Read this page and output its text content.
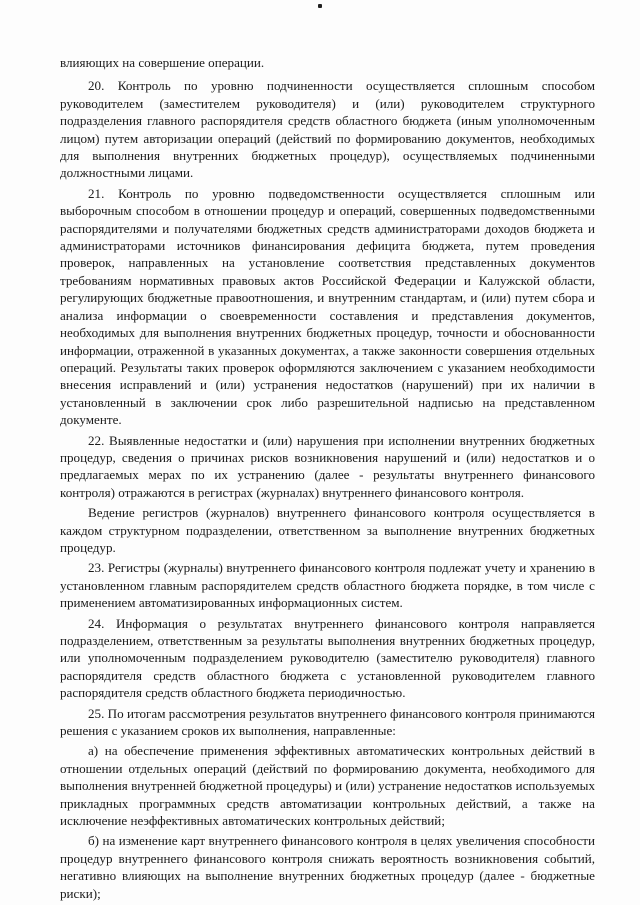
влияющих на совершение операции.

20. Контроль по уровню подчиненности осуществляется сплошным способом руководителем (заместителем руководителя) и (или) руководителем структурного подразделения главного распорядителя средств областного бюджета (иным уполномоченным лицом) путем авторизации операций (действий по формированию документов, необходимых для выполнения внутренних бюджетных процедур), осуществляемых подчиненными должностными лицами.

21. Контроль по уровню подведомственности осуществляется сплошным или выборочным способом в отношении процедур и операций, совершенных подведомственными распорядителями и получателями бюджетных средств администраторами доходов бюджета и администраторами источников финансирования дефицита бюджета, путем проведения проверок, направленных на установление соответствия представленных документов требованиям нормативных правовых актов Российской Федерации и Калужской области, регулирующих бюджетные правоотношения, и внутренним стандартам, и (или) путем сбора и анализа информации о своевременности составления и представления документов, необходимых для выполнения внутренних бюджетных процедур, точности и обоснованности информации, отраженной в указанных документах, а также законности совершения отдельных операций. Результаты таких проверок оформляются заключением с указанием необходимости внесения исправлений и (или) устранения недостатков (нарушений) при их наличии в установленный в заключении срок либо разрешительной надписью на представленном документе.

22. Выявленные недостатки и (или) нарушения при исполнении внутренних бюджетных процедур, сведения о причинах рисков возникновения нарушений и (или) недостатков и о предлагаемых мерах по их устранению (далее - результаты внутреннего финансового контроля) отражаются в регистрах (журналах) внутреннего финансового контроля.

Ведение регистров (журналов) внутреннего финансового контроля осуществляется в каждом структурном подразделении, ответственном за выполнение внутренних бюджетных процедур.

23. Регистры (журналы) внутреннего финансового контроля подлежат учету и хранению в установленном главным распорядителем средств областного бюджета порядке, в том числе с применением автоматизированных информационных систем.

24. Информация о результатах внутреннего финансового контроля направляется подразделением, ответственным за результаты выполнения внутренних бюджетных процедур, или уполномоченным подразделением руководителю (заместителю руководителя) главного распорядителя средств областного бюджета с установленной руководителем главного распорядителя средств областного бюджета периодичностью.

25. По итогам рассмотрения результатов внутреннего финансового контроля принимаются решения с указанием сроков их выполнения, направленные:

а) на обеспечение применения эффективных автоматических контрольных действий в отношении отдельных операций (действий по формированию документа, необходимого для выполнения внутренней бюджетной процедуры) и (или) устранение недостатков используемых прикладных программных средств автоматизации контрольных действий, а также на исключение неэффективных автоматических контрольных действий;

б) на изменение карт внутреннего финансового контроля в целях увеличения способности процедур внутреннего финансового контроля снижать вероятность возникновения событий, негативно влияющих на выполнение внутренних бюджетных процедур (далее - бюджетные риски);
